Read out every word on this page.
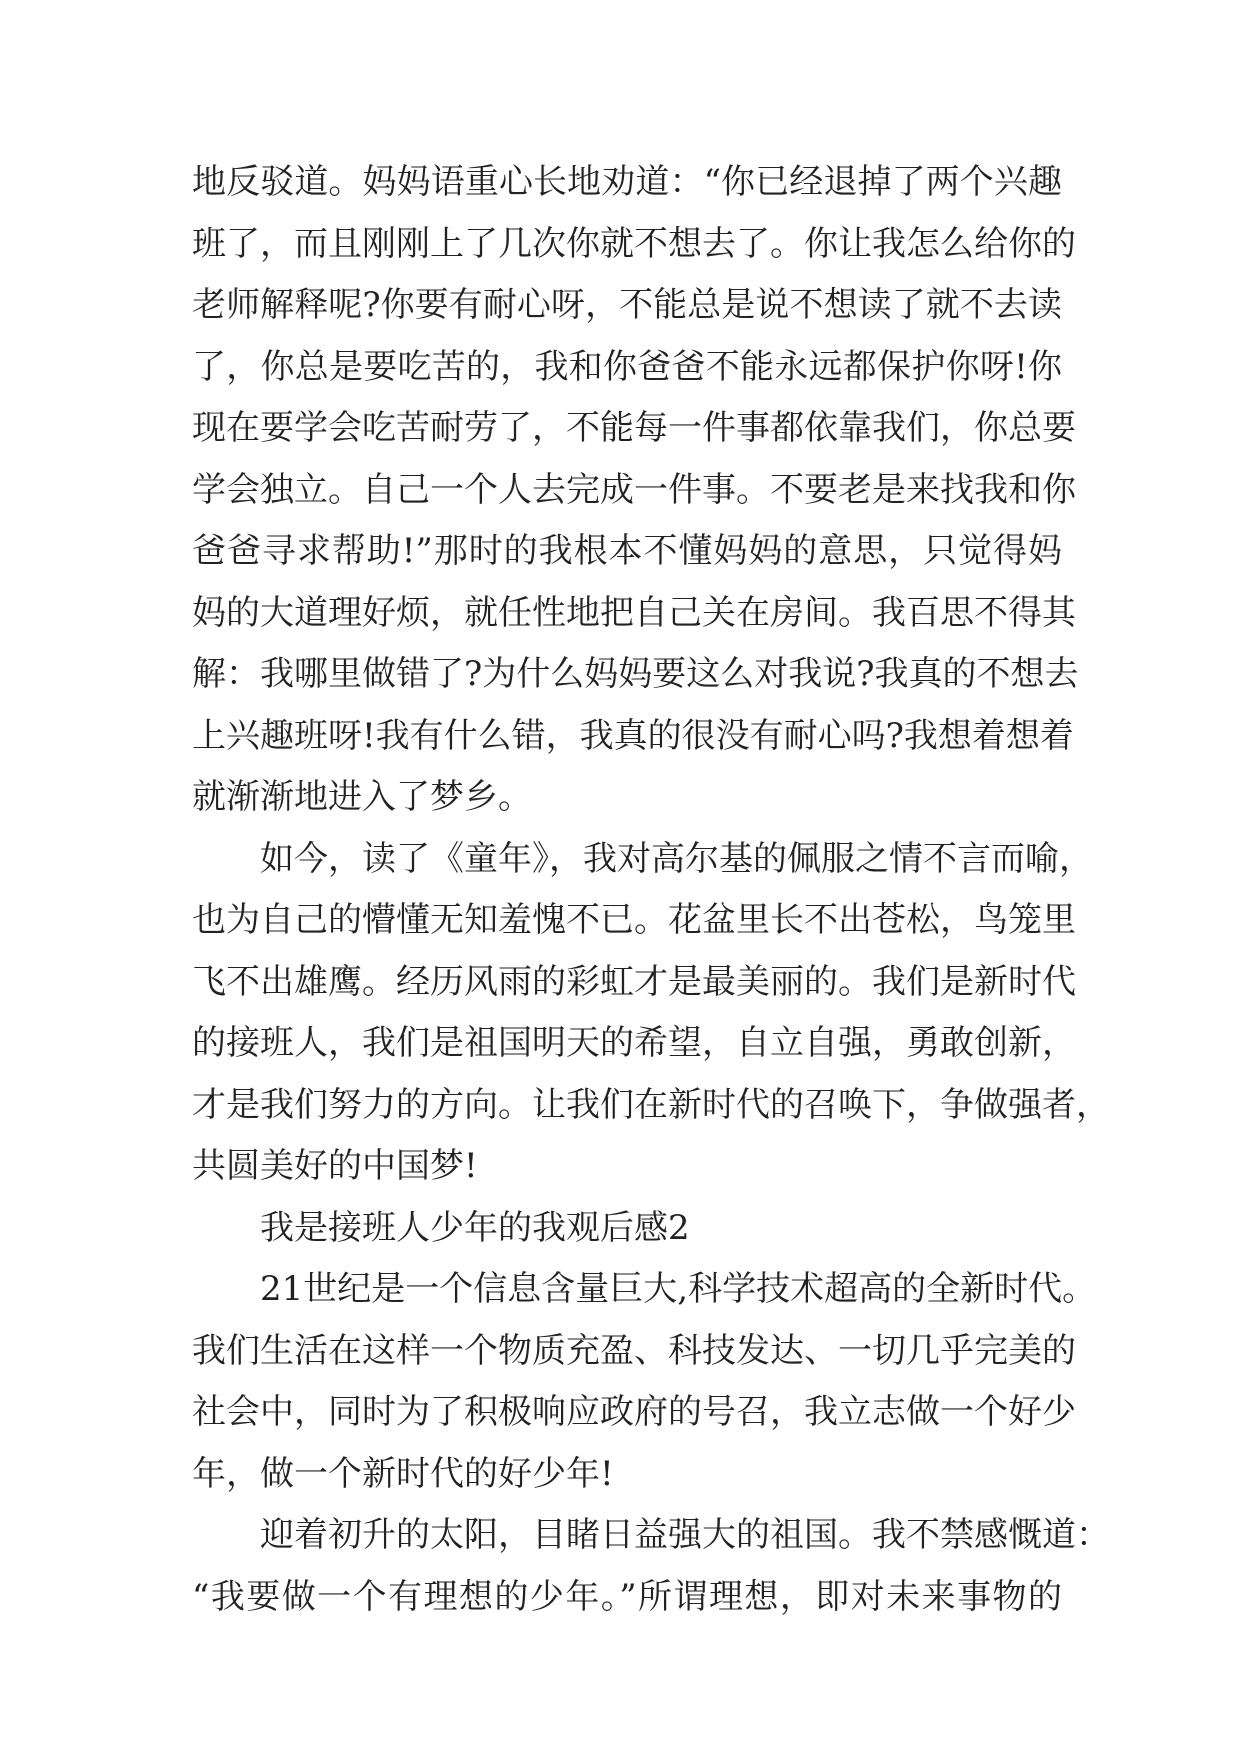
地反驳道。妈妈语重心长地劝道：“你已经退掉了两个兴趣
班了，而且刚刚上了几次你就不想去了。你让我怎么给你的
老师解释呢?你要有耐心呀，不能总是说不想读了就不去读
了，你总是要吃苦的，我和你爸爸不能永远都保护你呀!你
现在要学会吃苦耐劳了，不能每一件事都依靠我们，你总要
学会独立。自己一个人去完成一件事。不要老是来找我和你
爸爸寻求帮助!”那时的我根本不懂妈妈的意思，只觉得妈
妈的大道理好烦，就任性地把自己关在房间。我百思不得其
解：我哪里做错了?为什么妈妈要这么对我说?我真的不想去
上兴趣班呀!我有什么错，我真的很没有耐心吗?我想着想着
就渐渐地进入了梦乡。
如今，读了《童年》，我对高尔基的佩服之情不言而喻，
也为自己的懵懂无知羞愧不已。花盆里长不出苍松，鸟笼里
飞不出雄鹰。经历风雨的彩虹才是最美丽的。我们是新时代
的接班人，我们是祖国明天的希望，自立自强，勇敢创新，
才是我们努力的方向。让我们在新时代的召唤下，争做强者，
共圆美好的中国梦!
我是接班人少年的我观后感2
21世纪是一个信息含量巨大,科学技术超高的全新时代。
我们生活在这样一个物质充盈、科技发达、一切几乎完美的
社会中，同时为了积极响应政府的号召，我立志做一个好少
年，做一个新时代的好少年!
迎着初升的太阳，目睹日益强大的祖国。我不禁感慨道：
“我要做一个有理想的少年。”所谓理想，即对未来事物的
